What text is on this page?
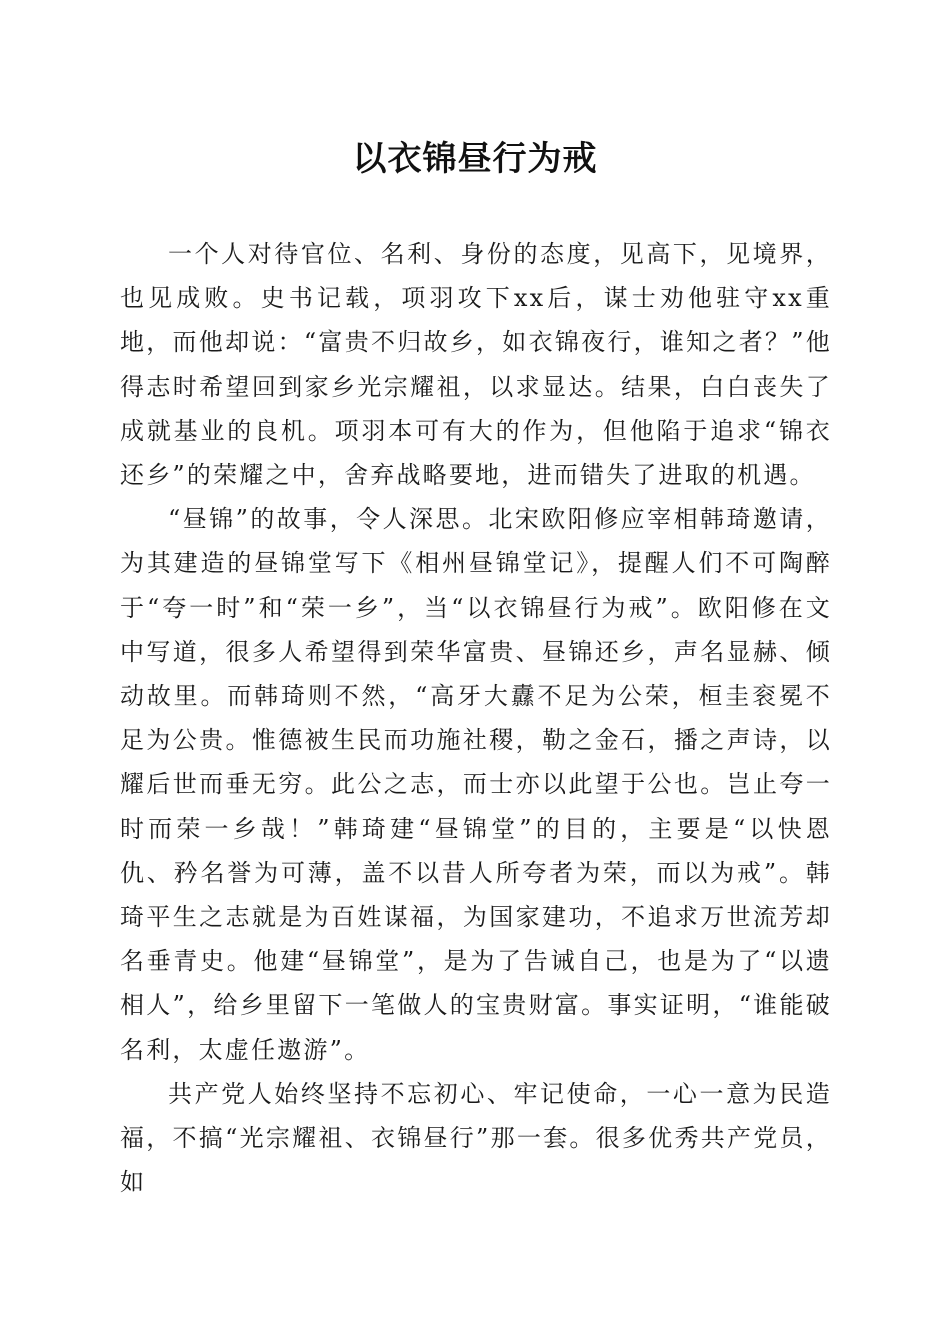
以衣锦昼行为戒

一个人对待官位、名利、身份的态度，见高下，见境界，也见成败。史书记载，项羽攻下xx后，谋士劝他驻守xx重地，而他却说：“富贵不归故乡，如衣锦夜行，谁知之者？”他得志时希望回到家乡光宗耀祖，以求显达。结果，白白丧失了成就基业的良机。项羽本可有大的作为，但他陷于追求“锦衣还乡”的荣耀之中，舍弃战略要地，进而错失了进取的机遇。

“昼锦”的故事，令人深思。北宋欧阳修应宰相韩琦邀请，为其建造的昼锦堂写下《相州昼锦堂记》，提醒人们不可陶醉于“夸一时”和“荣一乡”，当“以衣锦昼行为戒”。欧阳修在文中写道，很多人希望得到荣华富贵、昼锦还乡，声名显赫、倾动故里。而韩琦则不然，“高牙大纛不足为公荣，桓圭衮冕不足为公贵。惟德被生民而功施社稷，勒之金石，播之声诗，以耀后世而垂无穷。此公之志，而士亦以此望于公也。岂止夸一时而荣一乡哉！”韩琦建“昼锦堂”的目的，主要是“以快恩仇、矜名誉为可薄，盖不以昔人所夸者为荣，而以为戒”。韩琦平生之志就是为百姓谋福，为国家建功，不追求万世流芳却名垂青史。他建“昼锦堂”，是为了告诫自己，也是为了“以遗相人”，给乡里留下一笔做人的宝贵财富。事实证明，“谁能破名利，太虚任遨游”。

共产党人始终坚持不忘初心、牢记使命，一心一意为民造福，不搞“光宗耀祖、衣锦昼行”那一套。很多优秀共产党员，如
